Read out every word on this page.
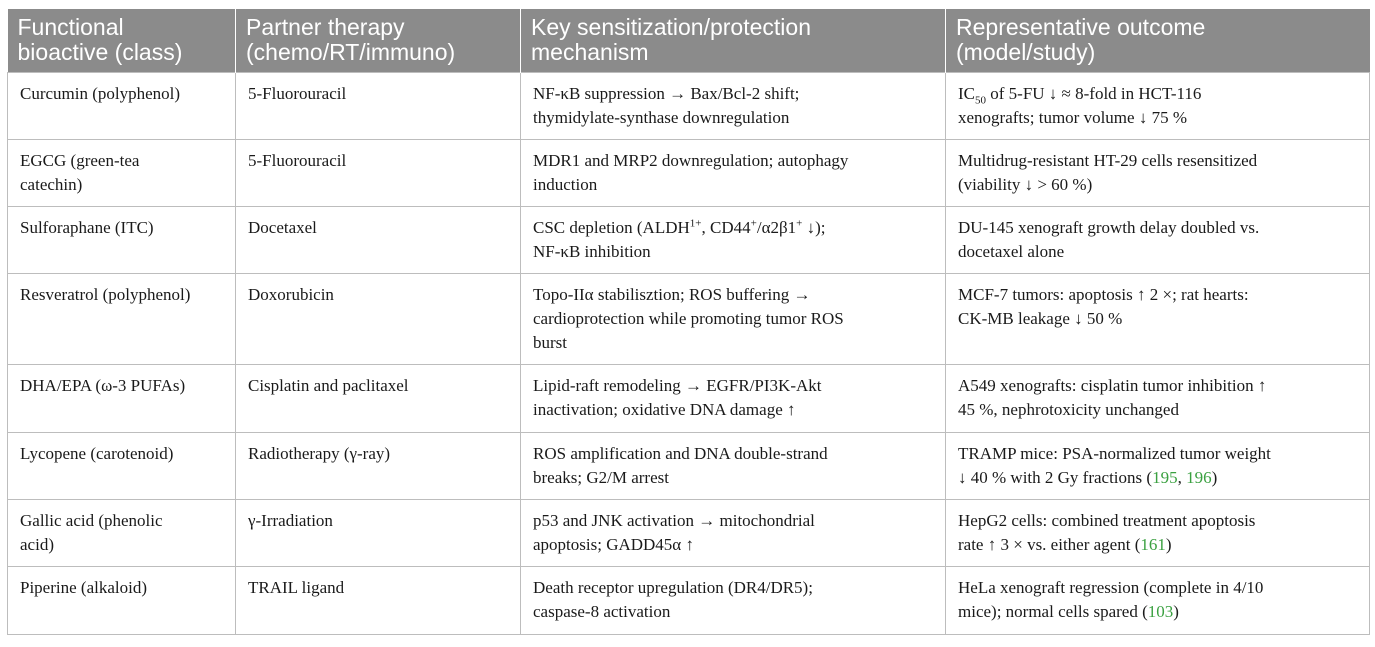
Functional
bioactive (class)	Partner therapy
(chemo/RT/immuno)	Key sensitization/protection
mechanism	Representative outcome
(model/study)
Curcumin (polyphenol)	5-Fluorouracil	NF-κB suppression → Bax/Bcl-2 shift;
thymidylate-synthase downregulation	$IC_{50}$ of 5-FU ↓ ≈ 8-fold in HCT-116
xenografts; tumor volume ↓ 75 %
EGCG (green-tea
catechin)	5-Fluorouracil	MDR1 and MRP2 downregulation; autophagy
induction	Multidrug-resistant HT-29 cells resensitized
(viability ↓ > 60 %)
Sulforaphane (ITC)	Docetaxel	CSC depletion ($ALDH^{1+}$, CD44+/α2β1+ ↓);
NF-κB inhibition	DU-145 xenograft growth delay doubled vs.
docetaxel alone
Resveratrol (polyphenol)	Doxorubicin	Topo-IIα stabilisztion; ROS buffering →
cardioprotection while promoting tumor ROS
burst	MCF-7 tumors: apoptosis ↑ 2 ×; rat hearts:
CK-MB leakage ↓ 50 %
DHA/EPA (ω-3 PUFAs)	Cisplatin and paclitaxel	Lipid-raft remodeling → EGFR/PI3K-Akt
inactivation; oxidative DNA damage ↑	A549 xenografts: cisplatin tumor inhibition ↑
45 %, nephrotoxicity unchanged
Lycopene (carotenoid)	Radiotherapy (γ-ray)	ROS amplification and DNA double-strand
breaks; G2/M arrest	TRAMP mice: PSA-normalized tumor weight
↓ 40 % with 2 Gy fractions (195, 196)
Gallic acid (phenolic
acid)	γ-Irradiation	p53 and JNK activation → mitochondrial
apoptosis; GADD45α ↑	HepG2 cells: combined treatment apoptosis
rate ↑ 3 × vs. either agent (161)
Piperine (alkaloid)	TRAIL ligand	Death receptor upregulation (DR4/DR5);
caspase-8 activation	HeLa xenograft regression (complete in 4/10
mice); normal cells spared (103)
